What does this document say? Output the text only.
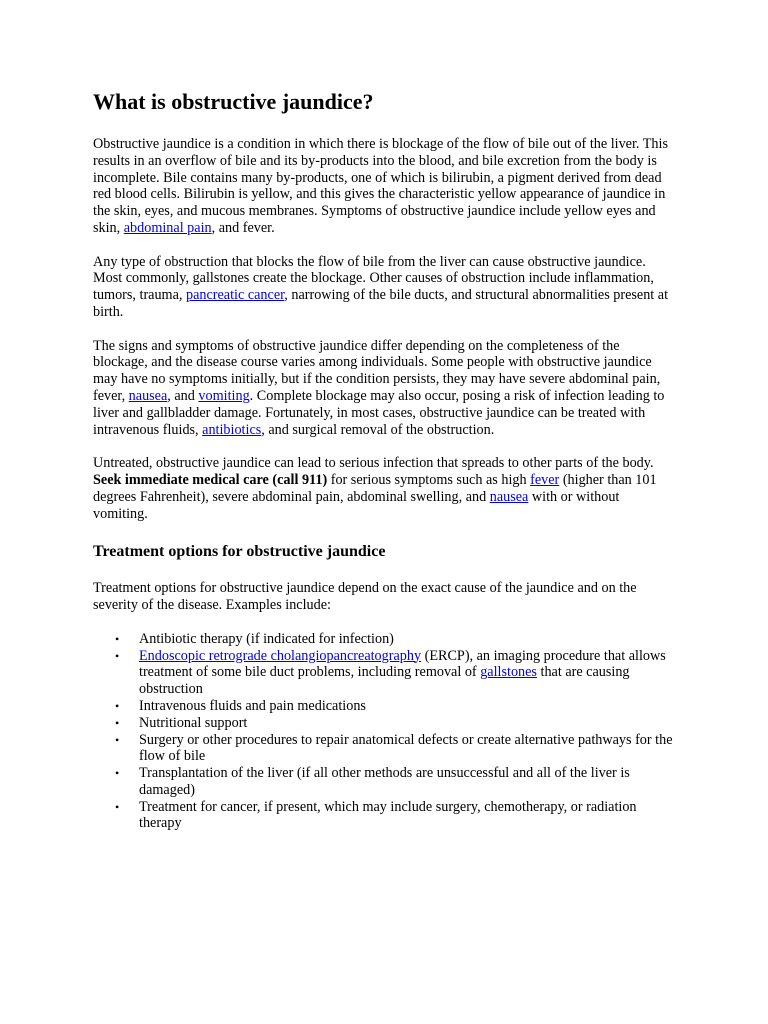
What is obstructive jaundice?

Obstructive jaundice is a condition in which there is blockage of the flow of bile out of the liver. This results in an overflow of bile and its by-products into the blood, and bile excretion from the body is incomplete. Bile contains many by-products, one of which is bilirubin, a pigment derived from dead red blood cells. Bilirubin is yellow, and this gives the characteristic yellow appearance of jaundice in the skin, eyes, and mucous membranes. Symptoms of obstructive jaundice include yellow eyes and skin, abdominal pain, and fever.

Any type of obstruction that blocks the flow of bile from the liver can cause obstructive jaundice. Most commonly, gallstones create the blockage. Other causes of obstruction include inflammation, tumors, trauma, pancreatic cancer, narrowing of the bile ducts, and structural abnormalities present at birth.

The signs and symptoms of obstructive jaundice differ depending on the completeness of the blockage, and the disease course varies among individuals. Some people with obstructive jaundice may have no symptoms initially, but if the condition persists, they may have severe abdominal pain, fever, nausea, and vomiting. Complete blockage may also occur, posing a risk of infection leading to liver and gallbladder damage. Fortunately, in most cases, obstructive jaundice can be treated with intravenous fluids, antibiotics, and surgical removal of the obstruction.

Untreated, obstructive jaundice can lead to serious infection that spreads to other parts of the body. Seek immediate medical care (call 911) for serious symptoms such as high fever (higher than 101 degrees Fahrenheit), severe abdominal pain, abdominal swelling, and nausea with or without vomiting.

Treatment options for obstructive jaundice

Treatment options for obstructive jaundice depend on the exact cause of the jaundice and on the severity of the disease. Examples include:

• Antibiotic therapy (if indicated for infection)
• Endoscopic retrograde cholangiopancreatography (ERCP), an imaging procedure that allows treatment of some bile duct problems, including removal of gallstones that are causing obstruction
• Intravenous fluids and pain medications
• Nutritional support
• Surgery or other procedures to repair anatomical defects or create alternative pathways for the flow of bile
• Transplantation of the liver (if all other methods are unsuccessful and all of the liver is damaged)
• Treatment for cancer, if present, which may include surgery, chemotherapy, or radiation therapy
